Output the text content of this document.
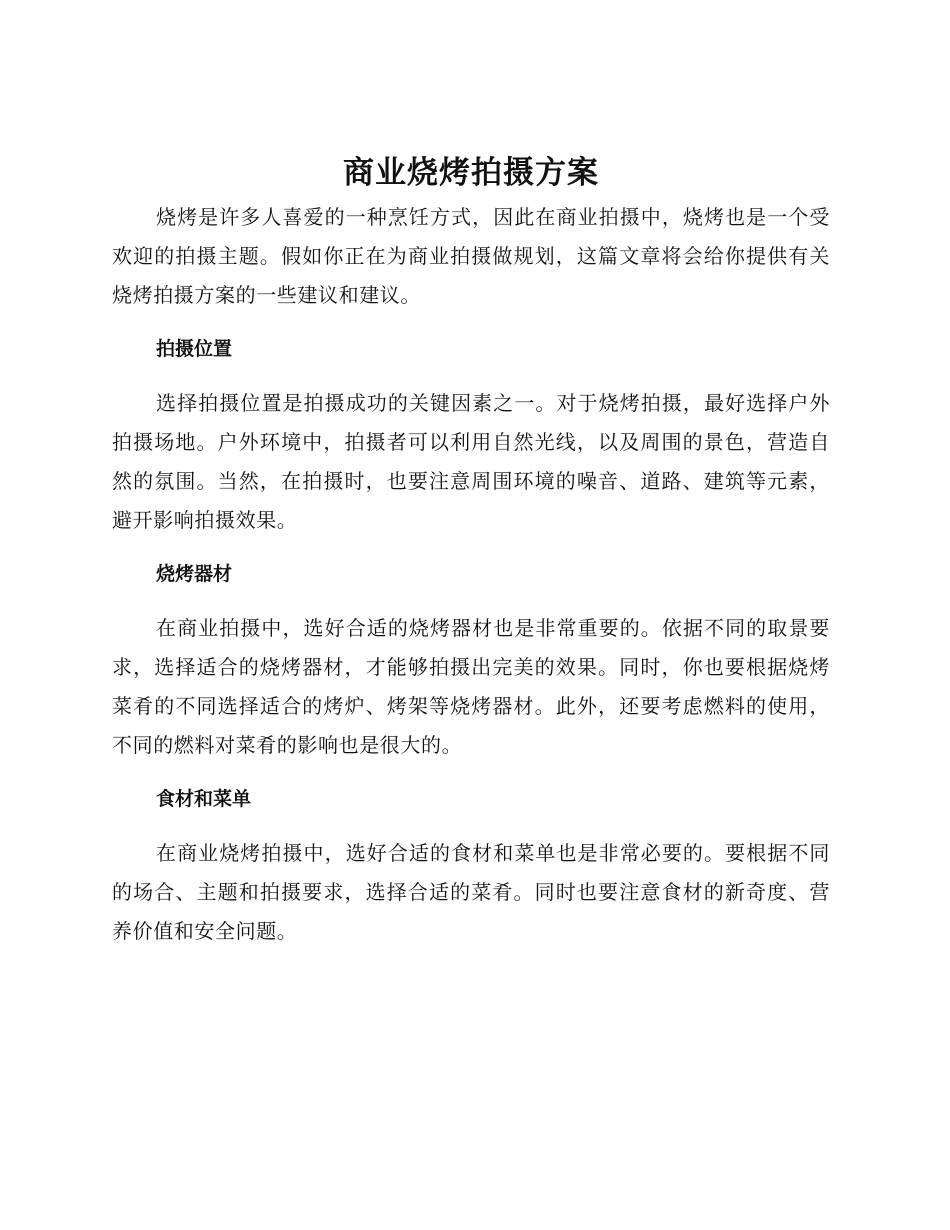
商业烧烤拍摄方案

烧烤是许多人喜爱的一种烹饪方式，因此在商业拍摄中，烧烤也是一个受欢迎的拍摄主题。假如你正在为商业拍摄做规划，这篇文章将会给你提供有关烧烤拍摄方案的一些建议和建议。

拍摄位置

选择拍摄位置是拍摄成功的关键因素之一。对于烧烤拍摄，最好选择户外拍摄场地。户外环境中，拍摄者可以利用自然光线，以及周围的景色，营造自然的氛围。当然，在拍摄时，也要注意周围环境的噪音、道路、建筑等元素，避开影响拍摄效果。

烧烤器材

在商业拍摄中，选好合适的烧烤器材也是非常重要的。依据不同的取景要求，选择适合的烧烤器材，才能够拍摄出完美的效果。同时，你也要根据烧烤菜肴的不同选择适合的烤炉、烤架等烧烤器材。此外，还要考虑燃料的使用，不同的燃料对菜肴的影响也是很大的。

食材和菜单

在商业烧烤拍摄中，选好合适的食材和菜单也是非常必要的。要根据不同的场合、主题和拍摄要求，选择合适的菜肴。同时也要注意食材的新奇度、营养价值和安全问题。
